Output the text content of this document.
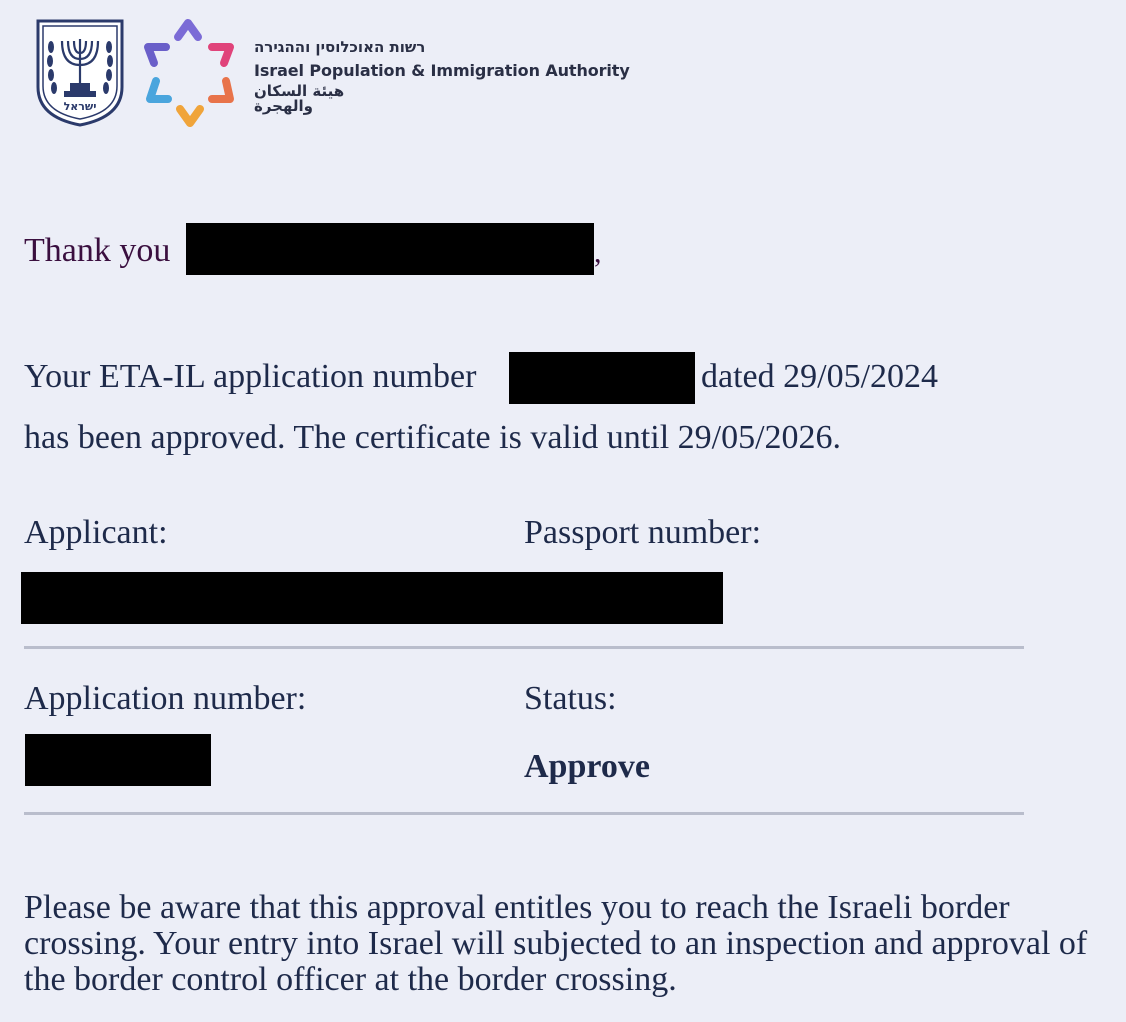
ישראל
רשות האוכלוסין וההגירה
Israel Population & Immigration Authority
هيئة السكان والهجرة
Thank you	,
Your ETA-IL application number	dated 29/05/2024
has been approved. The certificate is valid until 29/05/2026.
Applicant:	Passport number:
Application number:	Status:
Approve
Please be aware that this approval entitles you to reach the Israeli border crossing. Your entry into Israel will subjected to an inspection and approval of the border control officer at the border crossing.
